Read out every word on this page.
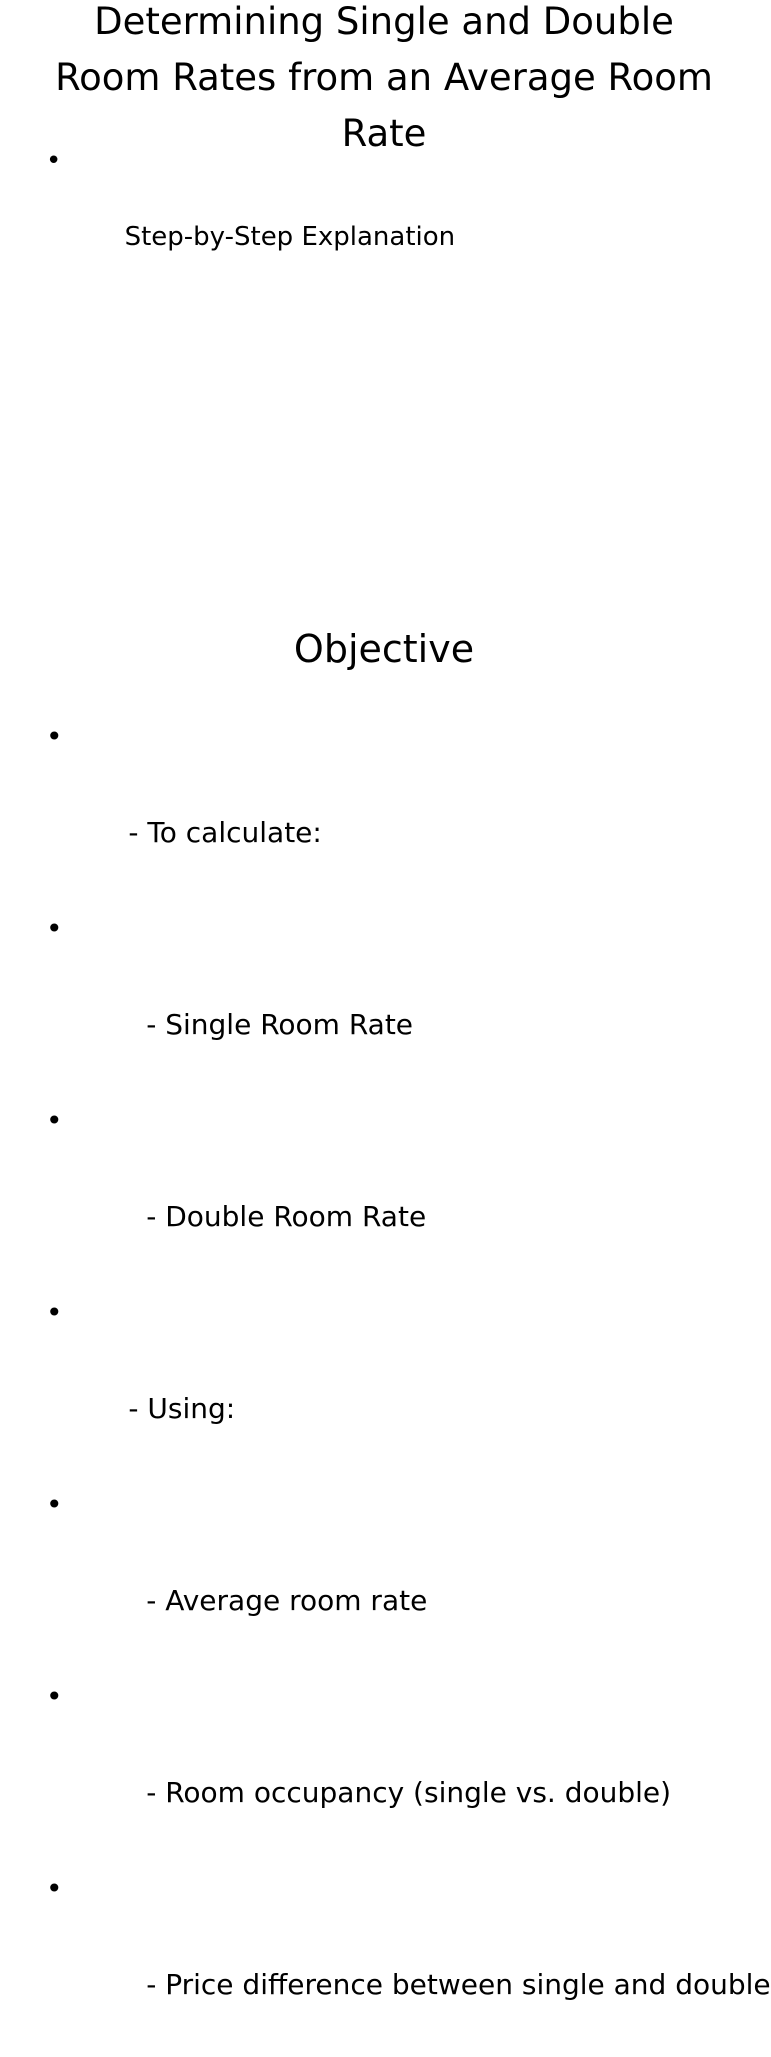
Determining Single and Double Room Rates from an Average Room Rate

•

Step-by-Step Explanation

Objective

•

- To calculate:

•

- Single Room Rate

•

- Double Room Rate

•

- Using:

•

- Average room rate

•

- Room occupancy (single vs. double)

•

- Price difference between single and double
